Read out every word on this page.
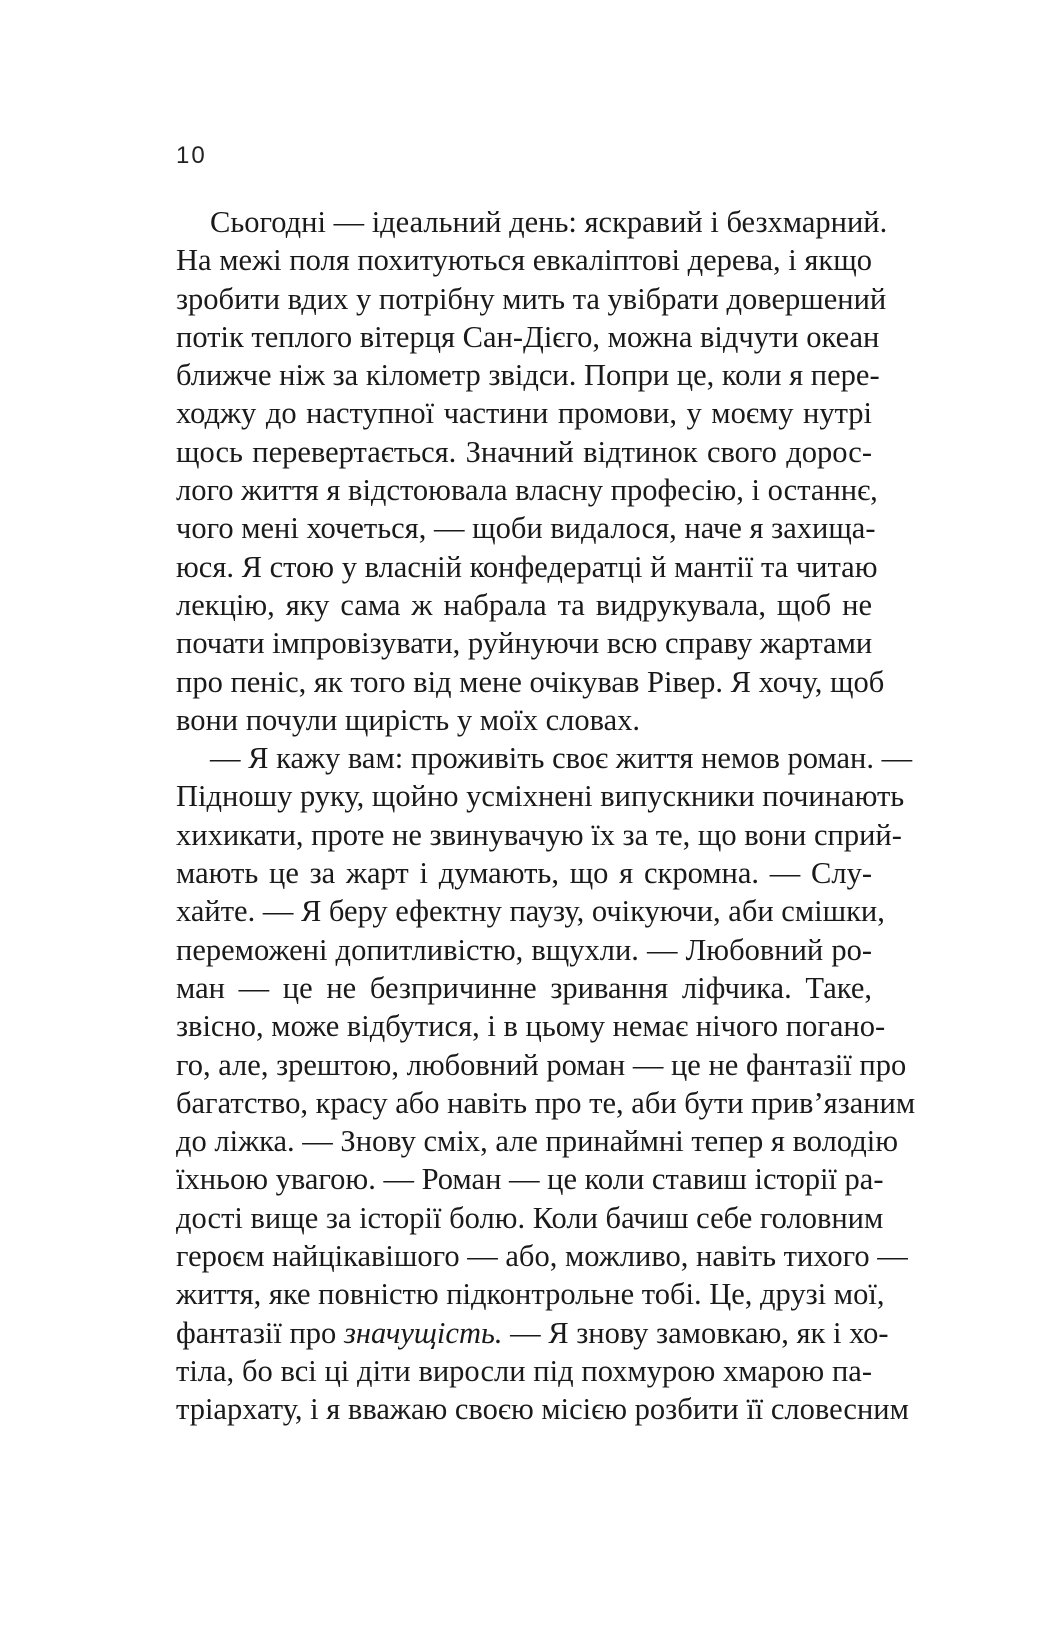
10
Сьогодні — ідеальний день: яскравий і безхмарний.
На межі поля похитуються евкаліптові дерева, і якщо
зробити вдих у потрібну мить та увібрати довершений
потік теплого вітерця Сан-Дієго, можна відчути океан
ближче ніж за кілометр звідси. Попри це, коли я пере-
ходжу до наступної частини промови, у моєму нутрі
щось перевертається. Значний відтинок свого дорос-
лого життя я відстоювала власну професію, і останнє,
чого мені хочеться, — щоби видалося, наче я захища-
юся. Я стою у власній конфедератці й мантії та читаю
лекцію, яку сама ж набрала та видрукувала, щоб не
почати імпровізувати, руйнуючи всю справу жартами
про пеніс, як того від мене очікував Рівер. Я хочу, щоб
вони почули щирість у моїх словах.
— Я кажу вам: проживіть своє життя немов роман. —
Підношу руку, щойно усміхнені випускники починають
хихикати, проте не звинувачую їх за те, що вони сприй-
мають це за жарт і думають, що я скромна. — Слу-
хайте. — Я беру ефектну паузу, очікуючи, аби смішки,
переможені допитливістю, вщухли. — Любовний ро-
ман — це не безпричинне зривання ліфчика. Таке,
звісно, може відбутися, і в цьому немає нічого погано-
го, але, зрештою, любовний роман — це не фантазії про
багатство, красу або навіть про те, аби бути прив’язаним
до ліжка. — Знову сміх, але принаймні тепер я володію
їхньою увагою. — Роман — це коли ставиш історії ра-
дості вище за історії болю. Коли бачиш себе головним
героєм найцікавішого — або, можливо, навіть тихого —
життя, яке повністю підконтрольне тобі. Це, друзі мої,
фантазії про значущість. — Я знову замовкаю, як і хо-
тіла, бо всі ці діти виросли під похмурою хмарою па-
тріархату, і я вважаю своєю місією розбити її словесним
